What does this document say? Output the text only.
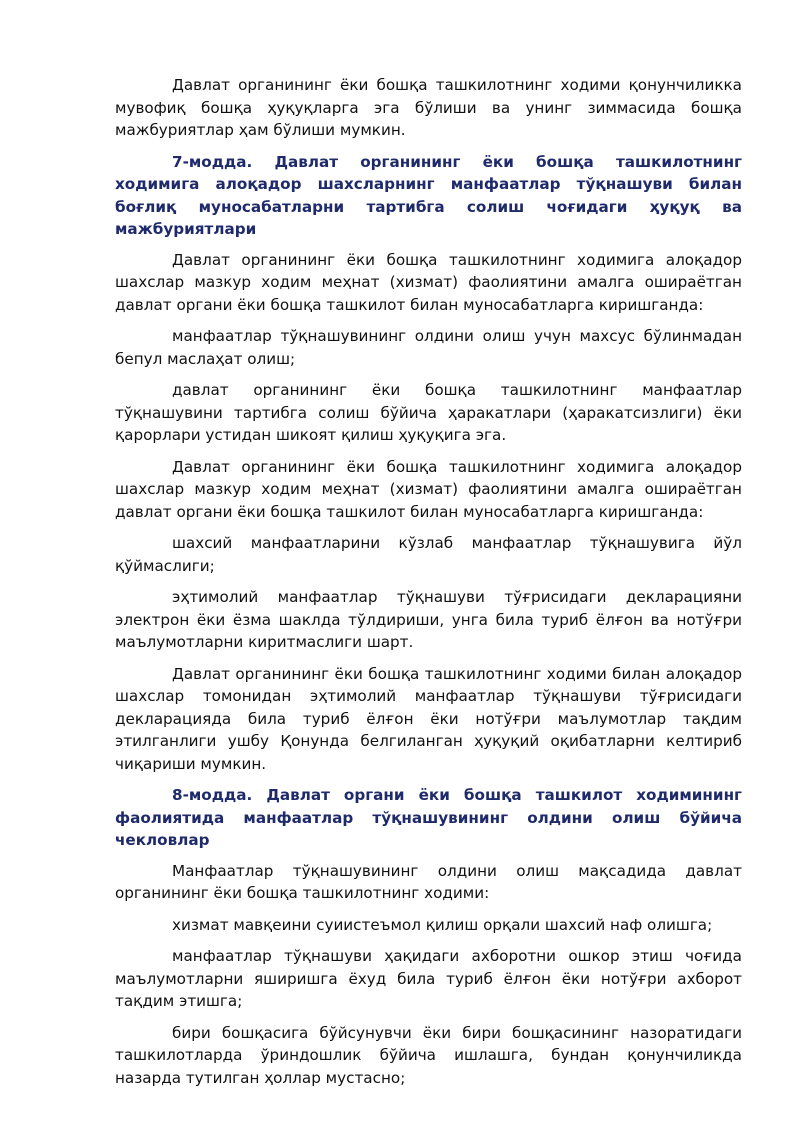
Давлат органининг ёки бошқа ташкилотнинг ходими қонунчиликка мувофиқ бошқа ҳуқуқларга эга бўлиши ва унинг зиммасида бошқа мажбуриятлар ҳам бўлиши мумкин.

7-модда. Давлат органининг ёки бошқа ташкилотнинг ходимига алоқадор шахсларнинг манфаатлар тўқнашуви билан боғлиқ муносабатларни тартибга солиш чоғидаги ҳуқуқ ва мажбуриятлари

Давлат органининг ёки бошқа ташкилотнинг ходимига алоқадор шахслар мазкур ходим меҳнат (хизмат) фаолиятини амалга ошираётган давлат органи ёки бошқа ташкилот билан муносабатларга киришганда:

манфаатлар тўқнашувининг олдини олиш учун махсус бўлинмадан бепул маслаҳат олиш;

давлат органининг ёки бошқа ташкилотнинг манфаатлар тўқнашувини тартибга солиш бўйича ҳаракатлари (ҳаракатсизлиги) ёки қарорлари устидан шикоят қилиш ҳуқуқига эга.

Давлат органининг ёки бошқа ташкилотнинг ходимига алоқадор шахслар мазкур ходим меҳнат (хизмат) фаолиятини амалга ошираётган давлат органи ёки бошқа ташкилот билан муносабатларга киришганда:

шахсий манфаатларини кўзлаб манфаатлар тўқнашувига йўл қўймаслиги;

эҳтимолий манфаатлар тўқнашуви тўғрисидаги декларацияни электрон ёки ёзма шаклда тўлдириши, унга била туриб ёлғон ва нотўғри маълумотларни киритмаслиги шарт.

Давлат органининг ёки бошқа ташкилотнинг ходими билан алоқадор шахслар томонидан эҳтимолий манфаатлар тўқнашуви тўғрисидаги декларацияда била туриб ёлғон ёки нотўғри маълумотлар тақдим этилганлиги ушбу Қонунда белгиланган ҳуқуқий оқибатларни келтириб чиқариши мумкин.

8-модда. Давлат органи ёки бошқа ташкилот ходимининг фаолиятида манфаатлар тўқнашувининг олдини олиш бўйича чекловлар

Манфаатлар тўқнашувининг олдини олиш мақсадида давлат органининг ёки бошқа ташкилотнинг ходими:

хизмат мавқеини суиистеъмол қилиш орқали шахсий наф олишга;

манфаатлар тўқнашуви ҳақидаги ахборотни ошкор этиш чоғида маълумотларни яширишга ёхуд била туриб ёлғон ёки нотўғри ахборот тақдим этишга;

бири бошқасига бўйсунувчи ёки бири бошқасининг назоратидаги ташкилотларда ўриндошлик бўйича ишлашга, бундан қонунчиликда назарда тутилган ҳоллар мустасно;
